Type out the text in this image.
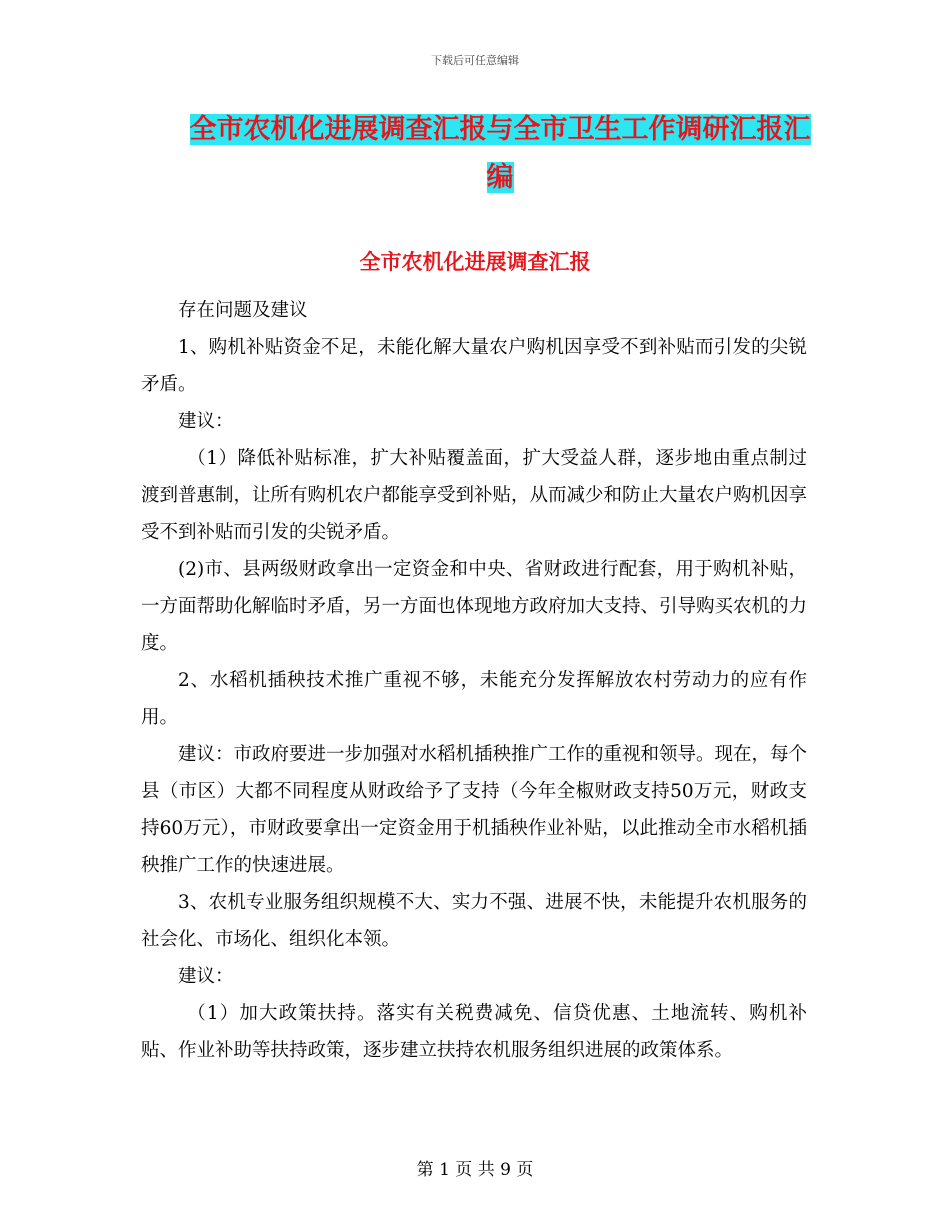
下载后可任意编辑
全市农机化进展调查汇报与全市卫生工作调研汇报汇编
全市农机化进展调查汇报

存在问题及建议

1、购机补贴资金不足，未能化解大量农户购机因享受不到补贴而引发的尖锐矛盾。

建议：

（1）降低补贴标准，扩大补贴覆盖面，扩大受益人群，逐步地由重点制过渡到普惠制，让所有购机农户都能享受到补贴，从而减少和防止大量农户购机因享受不到补贴而引发的尖锐矛盾。

(2)市、县两级财政拿出一定资金和中央、省财政进行配套，用于购机补贴，一方面帮助化解临时矛盾，另一方面也体现地方政府加大支持、引导购买农机的力度。

2、水稻机插秧技术推广重视不够，未能充分发挥解放农村劳动力的应有作用。

建议：市政府要进一步加强对水稻机插秧推广工作的重视和领导。现在，每个县（市区）大都不同程度从财政给予了支持（今年全椒财政支持50万元，财政支持60万元），市财政要拿出一定资金用于机插秧作业补贴，以此推动全市水稻机插秧推广工作的快速进展。

3、农机专业服务组织规模不大、实力不强、进展不快，未能提升农机服务的社会化、市场化、组织化本领。

建议：

（1）加大政策扶持。落实有关税费减免、信贷优惠、土地流转、购机补贴、作业补助等扶持政策，逐步建立扶持农机服务组织进展的政策体系。

第 1 页 共 9 页
